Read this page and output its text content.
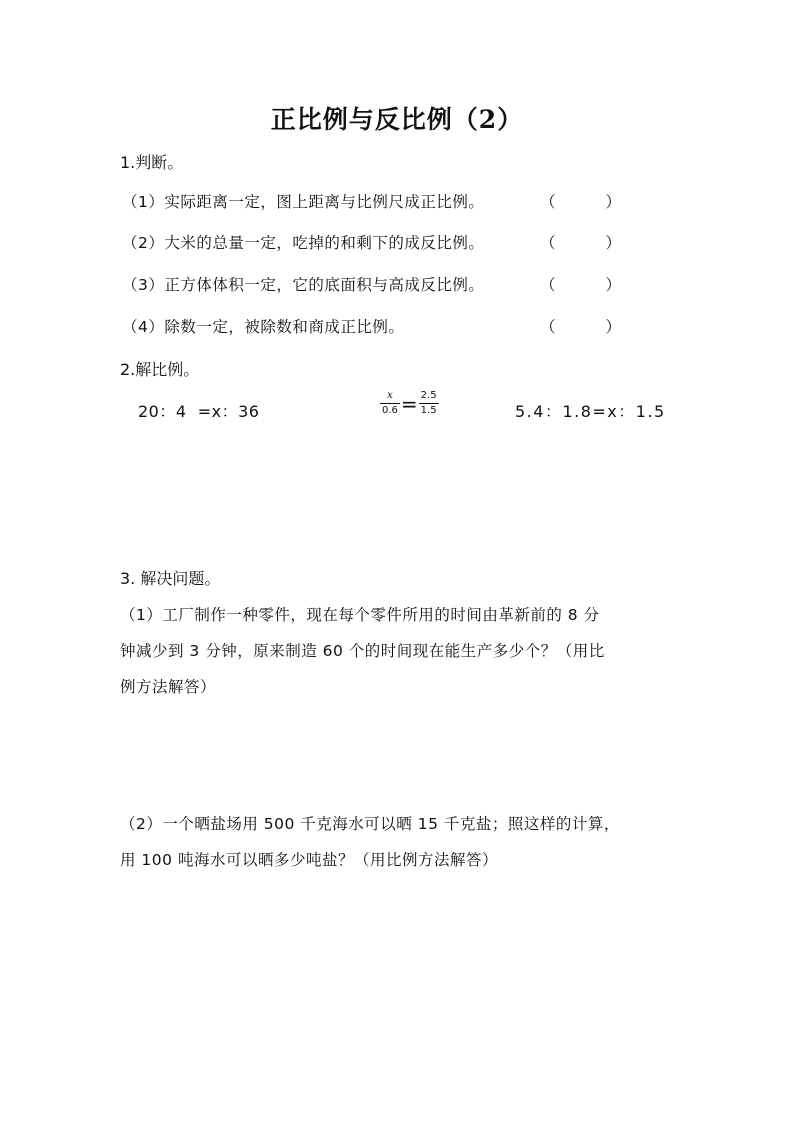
正比例与反比例（2）
1.判断。
（1）实际距离一定，图上距离与比例尺成正比例。	（	）
（2）大米的总量一定，吃掉的和剩下的成反比例。	（	）
（3）正方体体积一定，它的底面积与高成反比例。	（	）
（4）除数一定，被除数和商成正比例。	（	）
2.解比例。
20：4 =x：36	$\frac{x}{0.6} = \frac{2.5}{1.5}$	5.4：1.8=x：1.5
3. 解决问题。
（1）工厂制作一种零件，现在每个零件所用的时间由革新前的 8 分
钟减少到 3 分钟，原来制造 60 个的时间现在能生产多少个？（用比
例方法解答）
（2）一个晒盐场用 500 千克海水可以晒 15 千克盐；照这样的计算，
用 100 吨海水可以晒多少吨盐？（用比例方法解答）
